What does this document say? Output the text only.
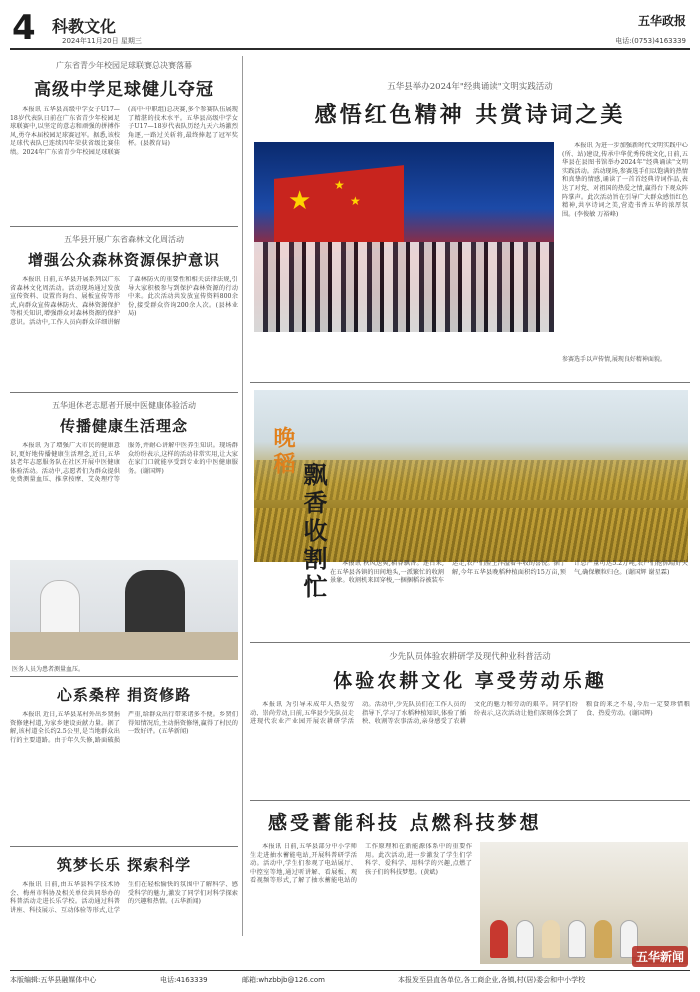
4 科教文化
2024年11月20日 星期三
五华政报
电话:(0753)4163339
广东省青少年校园足球联赛总决赛落幕
高级中学足球健儿夺冠
本报讯 五华县高级中学女子U17—18岁代表队日前在广东省青少年校园足球联赛中,以坚定的意志和顽强的拼搏作风,勇夺本届校园足球赛冠军。据悉,该校足球代表队已连续四年荣获省级比赛佳绩。2024年广东省青少年校园足球联赛(高中·中职组)总决赛,多个参赛队伍展现了精湛的技术水平。五华县高级中学女子U17—18岁代表队历经九天六场激烈角逐,一路过关斩将,最终捧起了冠军奖杯。(县教育局)
五华县开展广东省森林文化周活动
增强公众森林资源保护意识
本报讯 日前,五华县开展系列以广东省森林文化周活动。活动现场通过发放宣传资料、设置咨询台、展板宣传等形式,向群众宣传森林防火、森林资源保护等相关知识,增强群众对森林资源的保护意识。活动中,工作人员向群众详细讲解了森林防火的重要性和相关法律法规,引导大家积极参与到保护森林资源的行动中来。此次活动共发放宣传资料800余份,接受群众咨询200余人次。(县林业局)
五华退休老志愿者开展中医健康体验活动
传播健康生活理念
本报讯 为了增强广大市民的健康意识,更好地传播健康生活理念,近日,五华县老年志愿服务队在社区开展中医健康体验活动。活动中,志愿者们为群众提供免费测量血压、推拿按摩、艾灸理疗等服务,并耐心讲解中医养生知识。现场群众纷纷表示,这样的活动非常实用,让大家在家门口就能享受到专业的中医健康服务。(谢国辉)
医务人员为患者测量血压。
心系桑梓 捐资修路
本报讯 近日,五华县某村外出乡贤捐资修建村道,为家乡建设贡献力量。据了解,该村道全长约2.5公里,是当地群众出行的主要道路。由于年久失修,路面破损严重,给群众出行带来诸多不便。乡贤们得知情况后,主动捐资修缮,赢得了村民的一致好评。(五华新闻)
筑梦长乐 探索科学
本报讯 日前,由五华县科学技术协会、梅州市科协及相关单位共同举办的科普活动走进长乐学校。活动通过科普讲座、科技展示、互动体验等形式,让学生们在轻松愉快的氛围中了解科学、感受科学的魅力,激发了同学们对科学探索的兴趣和热情。(五华新闻)
五华县举办2024年"经典诵读"文明实践活动
感悟红色精神 共赏诗词之美
★
★
★
本报讯 为进一步加强新时代文明实践中心(所、站)建设,传承中华优秀传统文化,日前,五华县在县图书馆举办2024年"经典诵读"文明实践活动。活动现场,参赛选手们以饱满的热情和真挚的情感,诵读了一首首经典诗词作品,表达了对党、对祖国的热爱之情,赢得台下观众阵阵掌声。此次活动旨在引导广大群众感悟红色精神,共享诗词之美,营造书香五华的浓厚氛围。(李俊敏 万裕峰)
参赛选手以声传情,展现良好精神面貌。
晚稻
飘香收割忙	本报讯 秋风送爽,稻谷飘香。连日来,在五华县各镇的田间地头,一派繁忙的收割景象。收割机来回穿梭,一捆捆稻谷被装车运走,农户们脸上洋溢着丰收的喜悦。据了解,今年五华县晚稻种植面积约15万亩,预计总产量可达5.2万吨,农户们抢抓晴好天气,确保颗粒归仓。(谢国辉 谢星霖)
少先队员体验农耕研学及现代种业科普活动
体验农耕文化 享受劳动乐趣
本报讯 为引导未成年人热爱劳动、崇尚劳动,日前,五华县少先队员走进现代农业产业园开展农耕研学活动。活动中,少先队员们在工作人员的指导下,学习了水稻种植知识,体验了插秧、收割等农事活动,亲身感受了农耕文化的魅力和劳动的艰辛。同学们纷纷表示,这次活动让他们深刻体会到了粮食的来之不易,今后一定要珍惜粮食、热爱劳动。(谢国辉)
感受蓄能科技 点燃科技梦想
本报讯 日前,五华县部分中小学师生走进抽水蓄能电站,开展科普研学活动。活动中,学生们参观了电站展厅、中控室等地,通过听讲解、看展板、观看视频等形式,了解了抽水蓄能电站的工作原理和在新能源体系中的重要作用。此次活动,进一步激发了学生们学科学、爱科学、用科学的兴趣,点燃了孩子们的科技梦想。(黄斌)
五华新闻
本版编辑:五华县融媒体中心	电话:4163339	邮箱:whzbbjb@126.com	本报发至县直各单位,各工商企业,各镇,村(居)委会和中小学校
